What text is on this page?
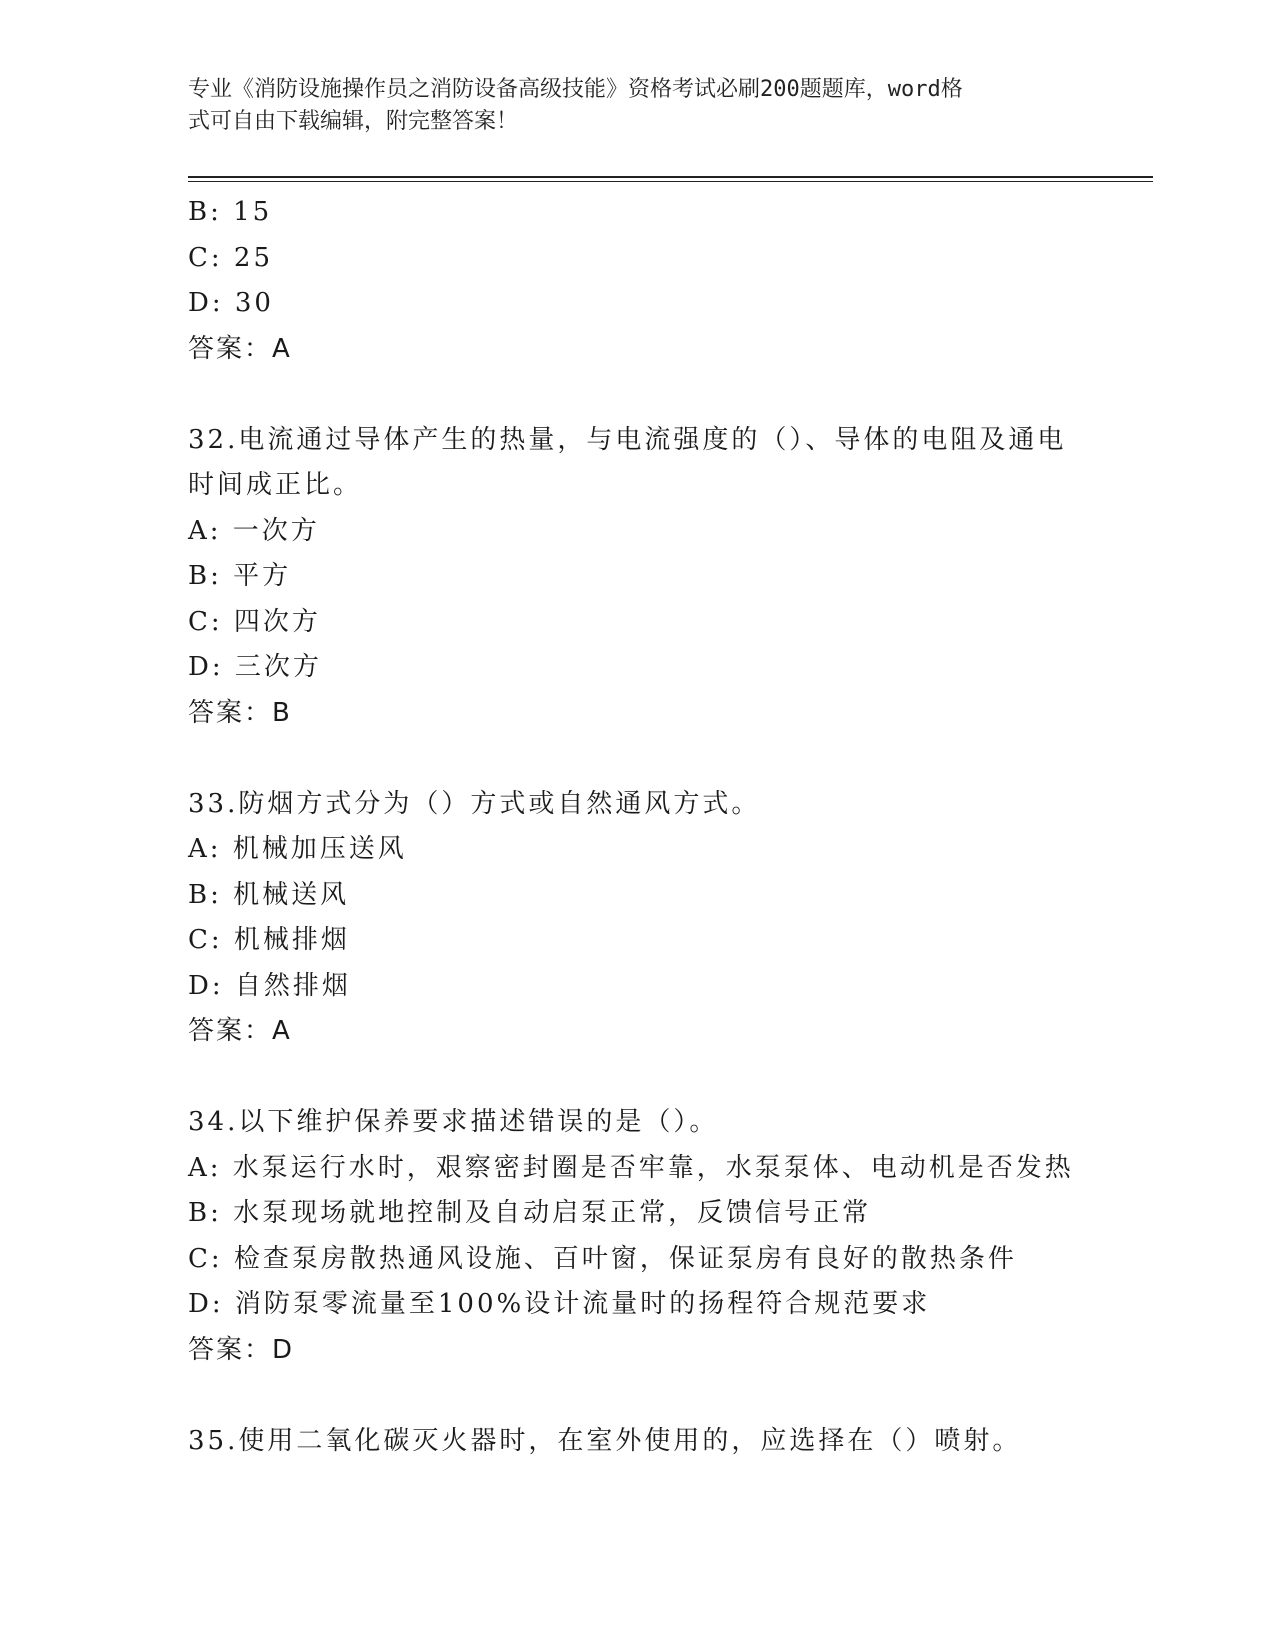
专业《消防设施操作员之消防设备高级技能》资格考试必刷200题题库，word格
式可自由下载编辑，附完整答案！
B: 15
C: 25
D: 30
答案：A
32.电流通过导体产生的热量，与电流强度的（）、导体的电阻及通电
时间成正比。
A: 一次方
B: 平方
C: 四次方
D: 三次方
答案：B
33.防烟方式分为（）方式或自然通风方式。
A: 机械加压送风
B: 机械送风
C: 机械排烟
D: 自然排烟
答案：A
34.以下维护保养要求描述错误的是（）。
A: 水泵运行水时，艰察密封圈是否牢靠，水泵泵体、电动机是否发热
B: 水泵现场就地控制及自动启泵正常，反馈信号正常
C: 检查泵房散热通风设施、百叶窗，保证泵房有良好的散热条件
D: 消防泵零流量至100%设计流量时的扬程符合规范要求
答案：D
35.使用二氧化碳灭火器时，在室外使用的，应选择在（）喷射。
